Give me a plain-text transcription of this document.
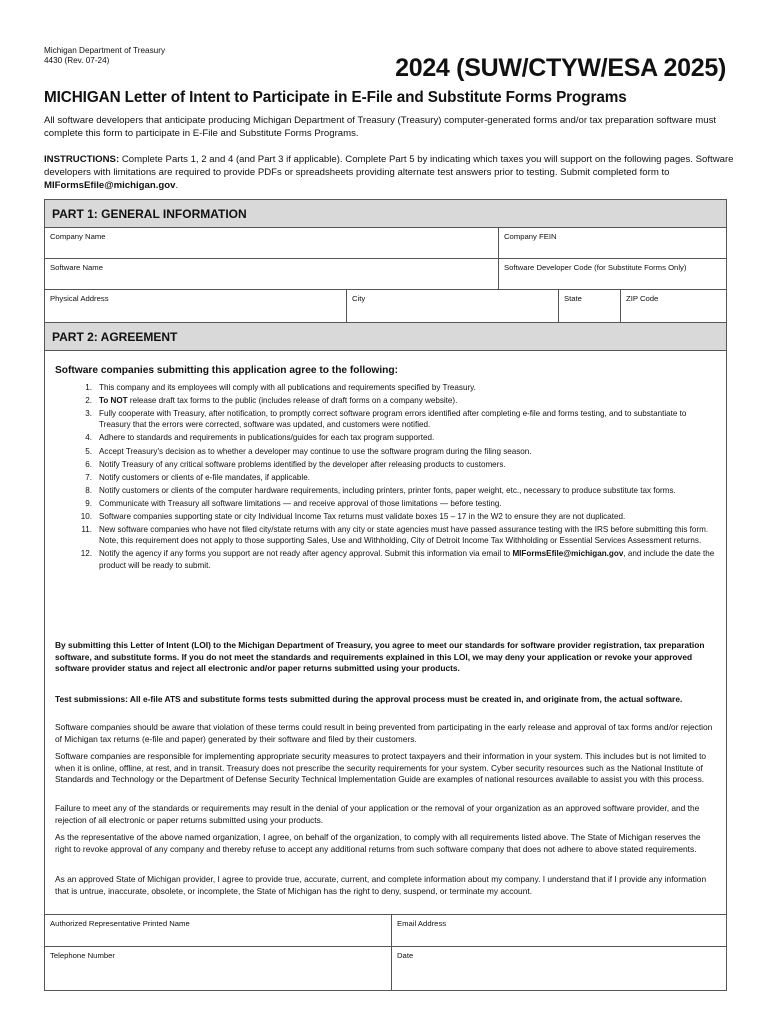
Michigan Department of Treasury
4430 (Rev. 07-24)	2024 (SUW/CTYW/ESA 2025)
MICHIGAN Letter of Intent to Participate in E-File and Substitute Forms Programs
All software developers that anticipate producing Michigan Department of Treasury (Treasury) computer-generated forms and/or tax preparation software must complete this form to participate in E-File and Substitute Forms Programs.
INSTRUCTIONS: Complete Parts 1, 2 and 4 (and Part 3 if applicable). Complete Part 5 by indicating which taxes you will support on the following pages. Software developers with limitations are required to provide PDFs or spreadsheets providing alternate test answers prior to testing. Submit completed form to MIFormsEfile@michigan.gov.
PART 1: GENERAL INFORMATION
Company Name	Company FEIN
Software Name	Software Developer Code (for Substitute Forms Only)
Physical Address	City	State	ZIP Code
PART 2: AGREEMENT
Software companies submitting this application agree to the following:
1. This company and its employees will comply with all publications and requirements specified by Treasury.
2. To NOT release draft tax forms to the public (includes release of draft forms on a company website).
3. Fully cooperate with Treasury, after notification, to promptly correct software program errors identified after completing e-file and forms testing, and to substantiate to Treasury that the errors were corrected, software was updated, and customers were notified.
4. Adhere to standards and requirements in publications/guides for each tax program supported.
5. Accept Treasury's decision as to whether a developer may continue to use the software program during the filing season.
6. Notify Treasury of any critical software problems identified by the developer after releasing products to customers.
7. Notify customers or clients of e-file mandates, if applicable.
8. Notify customers or clients of the computer hardware requirements, including printers, printer fonts, paper weight, etc., necessary to produce substitute tax forms.
9. Communicate with Treasury all software limitations — and receive approval of those limitations — before testing.
10. Software companies supporting state or city Individual Income Tax returns must validate boxes 15 – 17 in the W2 to ensure they are not duplicated.
11. New software companies who have not filed city/state returns with any city or state agencies must have passed assurance testing with the IRS before submitting this form. Note, this requirement does not apply to those supporting Sales, Use and Withholding, City of Detroit Income Tax Withholding or Essential Services Assessment returns.
12. Notify the agency if any forms you support are not ready after agency approval. Submit this information via email to MIFormsEfile@michigan.gov, and include the date the product will be ready to submit.
By submitting this Letter of Intent (LOI) to the Michigan Department of Treasury, you agree to meet our standards for software provider registration, tax preparation software, and substitute forms. If you do not meet the standards and requirements explained in this LOI, we may deny your application or revoke your approved software provider status and reject all electronic and/or paper returns submitted using your products.
Test submissions: All e-file ATS and substitute forms tests submitted during the approval process must be created in, and originate from, the actual software.
Software companies should be aware that violation of these terms could result in being prevented from participating in the early release and approval of tax forms and/or rejection of Michigan tax returns (e-file and paper) generated by their software and filed by their customers.
Software companies are responsible for implementing appropriate security measures to protect taxpayers and their information in your system. This includes but is not limited to when it is online, offline, at rest, and in transit. Treasury does not prescribe the security requirements for your system. Cyber security resources such as the National Institute of Standards and Technology or the Department of Defense Security Technical Implementation Guide are examples of national resources available to assist you with this process.
Failure to meet any of the standards or requirements may result in the denial of your application or the removal of your organization as an approved software provider, and the rejection of all electronic or paper returns submitted using your products.
As the representative of the above named organization, I agree, on behalf of the organization, to comply with all requirements listed above. The State of Michigan reserves the right to revoke approval of any company and thereby refuse to accept any additional returns from such software company that does not adhere to above stated requirements.
As an approved State of Michigan provider, I agree to provide true, accurate, current, and complete information about my company. I understand that if I provide any information that is untrue, inaccurate, obsolete, or incomplete, the State of Michigan has the right to deny, suspend, or terminate my account.
Authorized Representative Printed Name	Email Address
Telephone Number	Date
